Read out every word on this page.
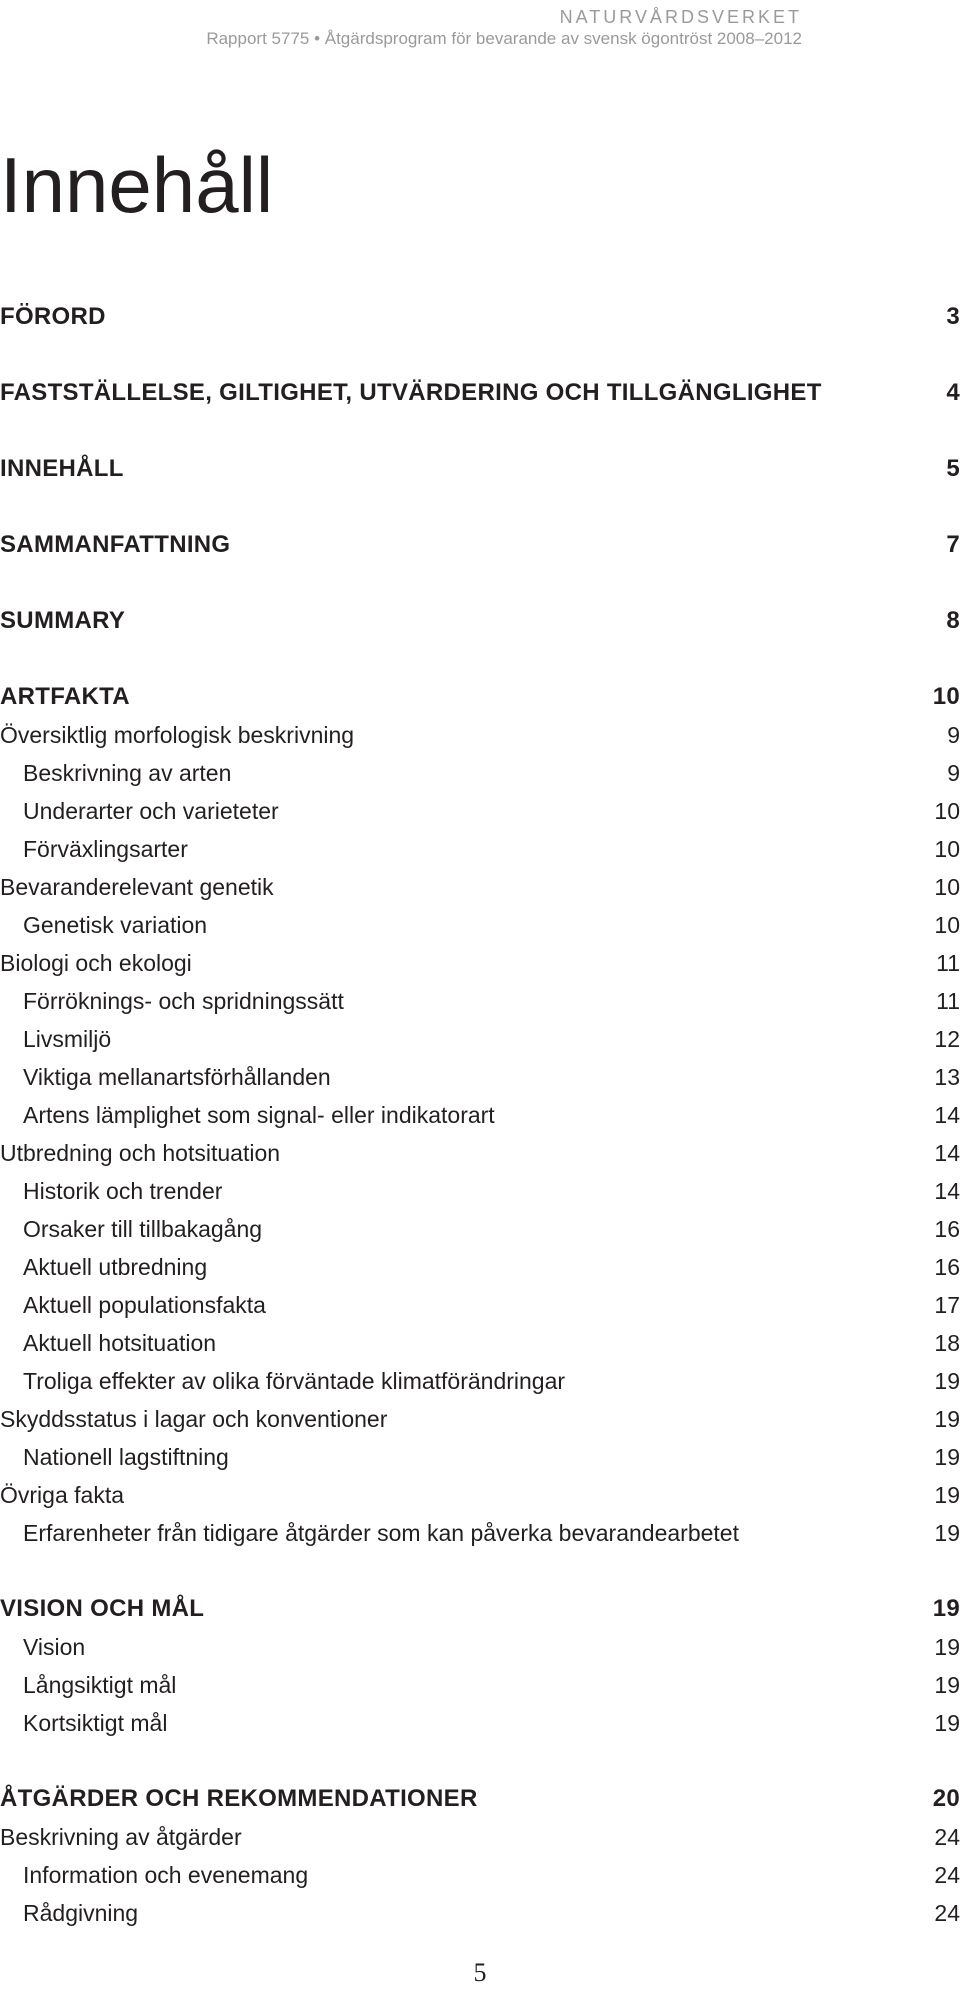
NATURVÅRDSVERKET
Rapport 5775 • Åtgärdsprogram för bevarande av svensk ögontröst 2008–2012
Innehåll
FÖRORD	3
FASTSTÄLLELSE, GILTIGHET, UTVÄRDERING OCH TILLGÄNGLIGHET	4
INNEHÅLL	5
SAMMANFATTNING	7
SUMMARY	8
ARTFAKTA	10
Översiktlig morfologisk beskrivning	9
Beskrivning av arten	9
Underarter och varieteter	10
Förväxlingsarter	10
Bevaranderelevant genetik	10
Genetisk variation	10
Biologi och ekologi	11
Förröknings- och spridningssätt	11
Livsmiljö	12
Viktiga mellanartsförhållanden	13
Artens lämplighet som signal- eller indikatorart	14
Utbredning och hotsituation	14
Historik och trender	14
Orsaker till tillbakagång	16
Aktuell utbredning	16
Aktuell populationsfakta	17
Aktuell hotsituation	18
Troliga effekter av olika förväntade klimatförändringar	19
Skyddsstatus i lagar och konventioner	19
Nationell lagstiftning	19
Övriga fakta	19
Erfarenheter från tidigare åtgärder som kan påverka bevarandearbetet	19
VISION OCH MÅL	19
Vision	19
Långsiktigt mål	19
Kortsiktigt mål	19
ÅTGÄRDER OCH REKOMMENDATIONER	20
Beskrivning av åtgärder	24
Information och evenemang	24
Rådgivning	24
5
